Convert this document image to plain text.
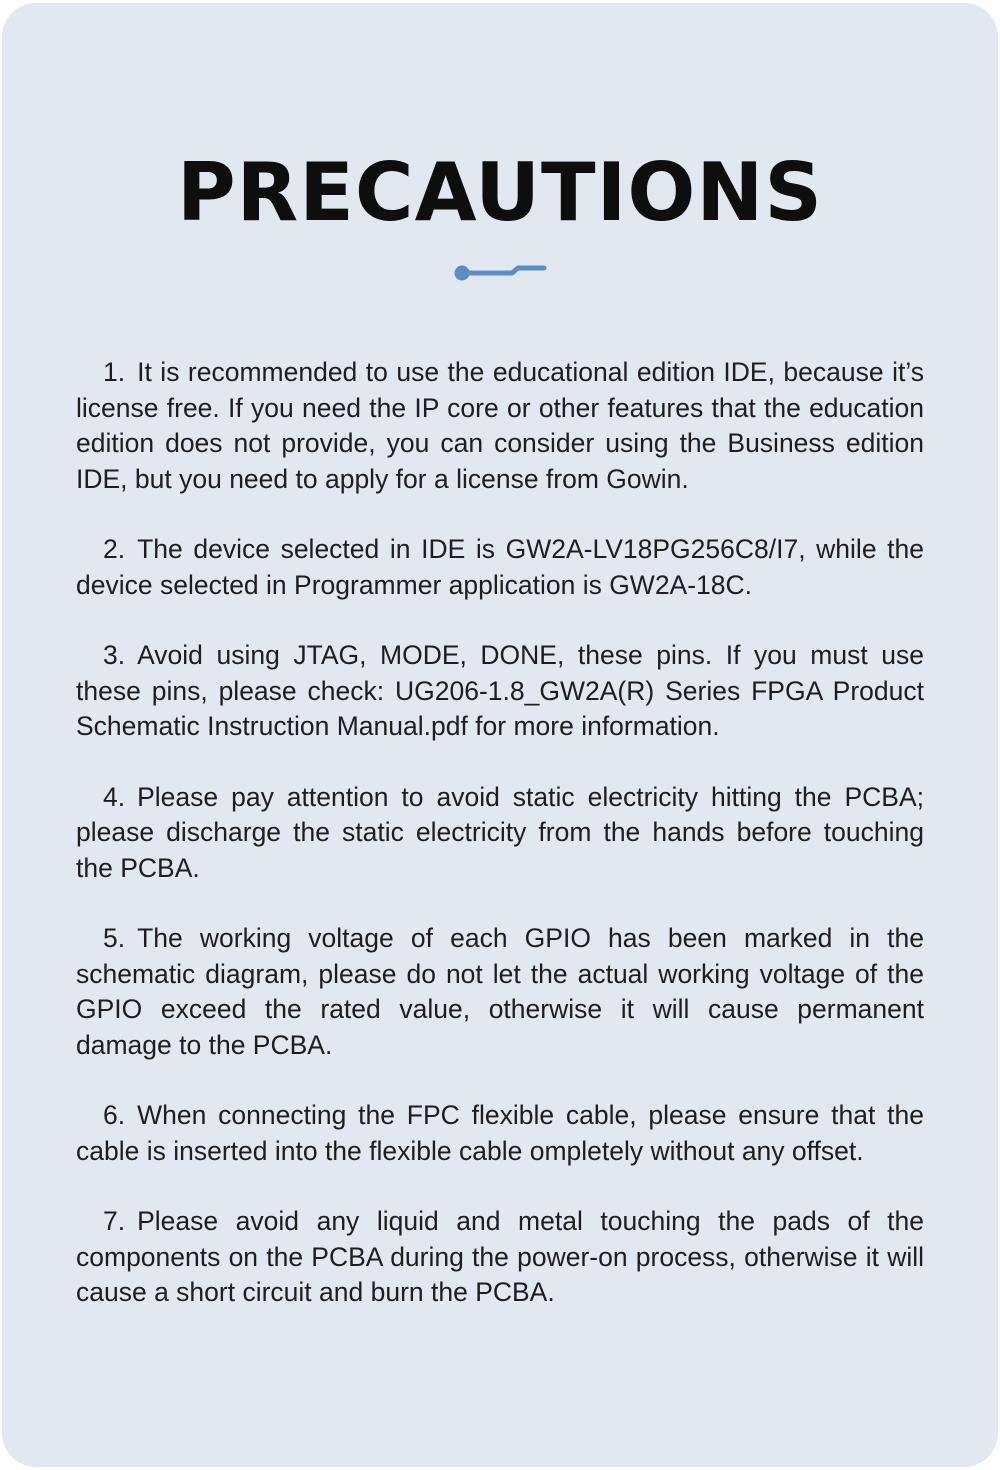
PRECAUTIONS
1. It is recommended to use the educational edition IDE, because it’s license free. If you need the IP core or other features that the education edition does not provide, you can consider using the Business edition IDE, but you need to apply for a license from Gowin.
2. The device selected in IDE is GW2A-LV18PG256C8/I7, while the device selected in Programmer application is GW2A-18C.
3. Avoid using JTAG, MODE, DONE, these pins. If you must use these pins, please check: UG206-1.8_GW2A(R) Series FPGA Product Schematic Instruction Manual.pdf for more information.
4. Please pay attention to avoid static electricity hitting the PCBA; please discharge the static electricity from the hands before touching the PCBA.
5. The working voltage of each GPIO has been marked in the schematic diagram, please do not let the actual working voltage of the GPIO exceed the rated value, otherwise it will cause permanent damage to the PCBA.
6. When connecting the FPC flexible cable, please ensure that the cable is inserted into the flexible cable ompletely without any offset.
7. Please avoid any liquid and metal touching the pads of the components on the PCBA during the power-on process, otherwise it will cause a short circuit and burn the PCBA.
